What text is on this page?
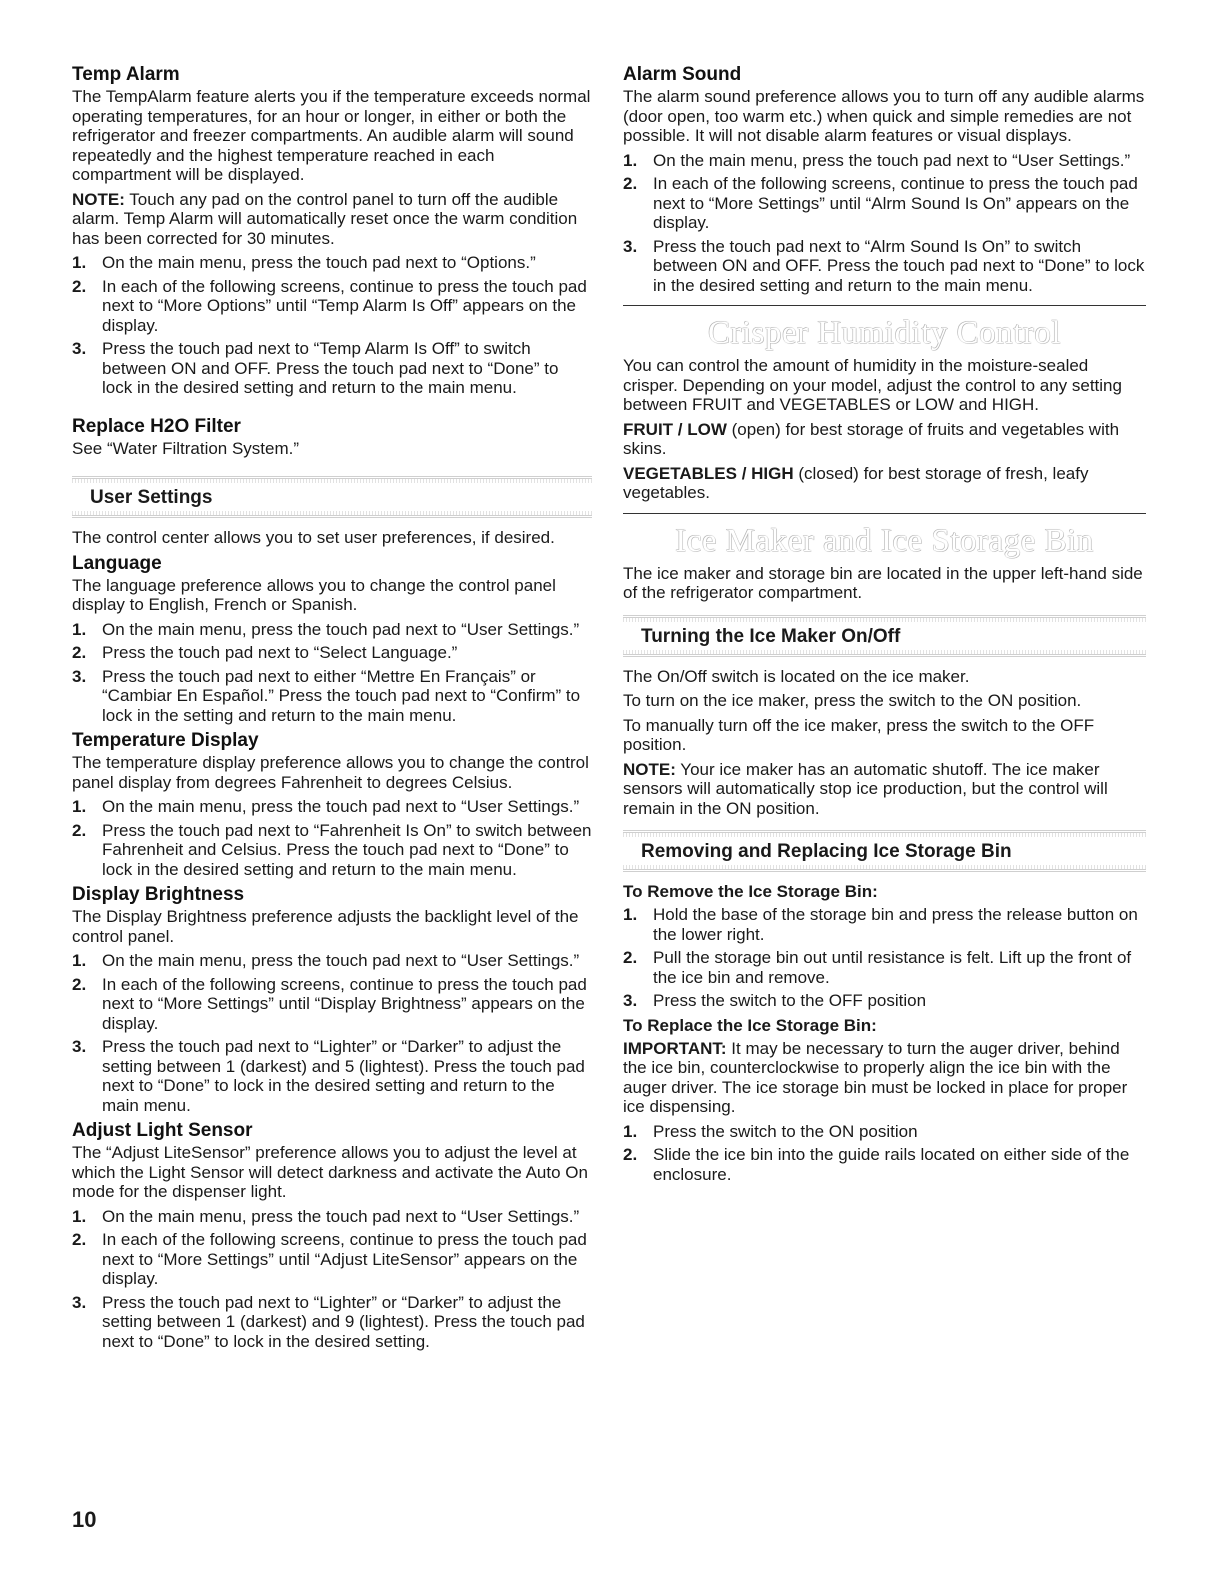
Temp Alarm

The TempAlarm feature alerts you if the temperature exceeds normal operating temperatures, for an hour or longer, in either or both the refrigerator and freezer compartments. An audible alarm will sound repeatedly and the highest temperature reached in each compartment will be displayed.

NOTE: Touch any pad on the control panel to turn off the audible alarm. Temp Alarm will automatically reset once the warm condition has been corrected for 30 minutes.

1. On the main menu, press the touch pad next to “Options.”
2. In each of the following screens, continue to press the touch pad next to “More Options” until “Temp Alarm Is Off” appears on the display.
3. Press the touch pad next to “Temp Alarm Is Off” to switch between ON and OFF. Press the touch pad next to “Done” to lock in the desired setting and return to the main menu.
Replace H2O Filter

See “Water Filtration System.”

User Settings

The control center allows you to set user preferences, if desired.

Language

The language preference allows you to change the control panel display to English, French or Spanish.

1. On the main menu, press the touch pad next to “User Settings.”
2. Press the touch pad next to “Select Language.”
3. Press the touch pad next to either “Mettre En Français” or “Cambiar En Español.” Press the touch pad next to “Confirm” to lock in the setting and return to the main menu.
Temperature Display

The temperature display preference allows you to change the control panel display from degrees Fahrenheit to degrees Celsius.

1. On the main menu, press the touch pad next to “User Settings.”
2. Press the touch pad next to “Fahrenheit Is On” to switch between Fahrenheit and Celsius. Press the touch pad next to “Done” to lock in the desired setting and return to the main menu.
Display Brightness

The Display Brightness preference adjusts the backlight level of the control panel.

1. On the main menu, press the touch pad next to “User Settings.”
2. In each of the following screens, continue to press the touch pad next to “More Settings” until “Display Brightness” appears on the display.
3. Press the touch pad next to “Lighter” or “Darker” to adjust the setting between 1 (darkest) and 5 (lightest). Press the touch pad next to “Done” to lock in the desired setting and return to the main menu.
Adjust Light Sensor

The “Adjust LiteSensor” preference allows you to adjust the level at which the Light Sensor will detect darkness and activate the Auto On mode for the dispenser light.

1. On the main menu, press the touch pad next to “User Settings.”
2. In each of the following screens, continue to press the touch pad next to “More Settings” until “Adjust LiteSensor” appears on the display.
3. Press the touch pad next to “Lighter” or “Darker” to adjust the setting between 1 (darkest) and 9 (lightest). Press the touch pad next to “Done” to lock in the desired setting.
Alarm Sound

The alarm sound preference allows you to turn off any audible alarms (door open, too warm etc.) when quick and simple remedies are not possible. It will not disable alarm features or visual displays.

1. On the main menu, press the touch pad next to “User Settings.”
2. In each of the following screens, continue to press the touch pad next to “More Settings” until “Alrm Sound Is On” appears on the display.
3. Press the touch pad next to “Alrm Sound Is On” to switch between ON and OFF. Press the touch pad next to “Done” to lock in the desired setting and return to the main menu.
Crisper Humidity Control

You can control the amount of humidity in the moisture-sealed crisper. Depending on your model, adjust the control to any setting between FRUIT and VEGETABLES or LOW and HIGH.

FRUIT / LOW (open) for best storage of fruits and vegetables with skins.

VEGETABLES / HIGH (closed) for best storage of fresh, leafy vegetables.

Ice Maker and Ice Storage Bin

The ice maker and storage bin are located in the upper left-hand side of the refrigerator compartment.

Turning the Ice Maker On/Off

The On/Off switch is located on the ice maker.

To turn on the ice maker, press the switch to the ON position.

To manually turn off the ice maker, press the switch to the OFF position.

NOTE: Your ice maker has an automatic shutoff. The ice maker sensors will automatically stop ice production, but the control will remain in the ON position.

Removing and Replacing Ice Storage Bin
To Remove the Ice Storage Bin:
1. Hold the base of the storage bin and press the release button on the lower right.
2. Pull the storage bin out until resistance is felt. Lift up the front of the ice bin and remove.
3. Press the switch to the OFF position
To Replace the Ice Storage Bin:

IMPORTANT: It may be necessary to turn the auger driver, behind the ice bin, counterclockwise to properly align the ice bin with the auger driver. The ice storage bin must be locked in place for proper ice dispensing.

1. Press the switch to the ON position
2. Slide the ice bin into the guide rails located on either side of the enclosure.
10
